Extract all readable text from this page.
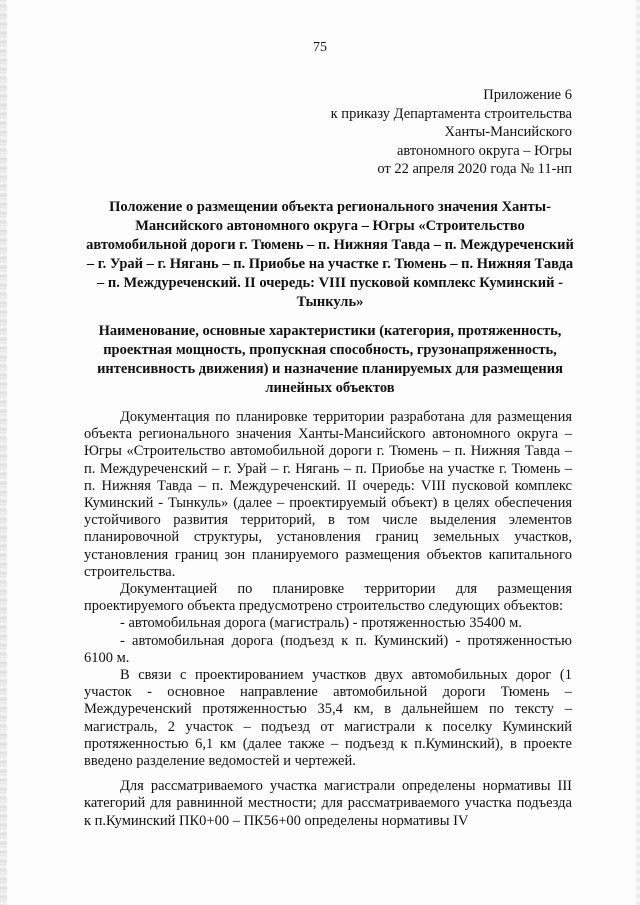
75
Приложение 6
к приказу Департамента строительства
Ханты-Мансийского
автономного округа – Югры
от 22 апреля 2020 года № 11-нп
Положение о размещении объекта регионального значения Ханты-Мансийского автономного округа – Югры «Строительство автомобильной дороги г. Тюмень – п. Нижняя Тавда – п. Междуреченский – г. Урай – г. Нягань – п. Приобье на участке г. Тюмень – п. Нижняя Тавда – п. Междуреченский. II очередь: VIII пусковой комплекс Куминский - Тынкуль»
Наименование, основные характеристики (категория, протяженность, проектная мощность, пропускная способность, грузонапряженность, интенсивность движения) и назначение планируемых для размещения линейных объектов

Документация по планировке территории разработана для размещения объекта регионального значения Ханты-Мансийского автономного округа – Югры «Строительство автомобильной дороги г. Тюмень – п. Нижняя Тавда – п. Междуреченский – г. Урай – г. Нягань – п. Приобье на участке г. Тюмень – п. Нижняя Тавда – п. Междуреченский. II очередь: VIII пусковой комплекс Куминский - Тынкуль» (далее – проектируемый объект) в целях обеспечения устойчивого развития территорий, в том числе выделения элементов планировочной структуры, установления границ земельных участков, установления границ зон планируемого размещения объектов капитального строительства.

Документацией по планировке территории для размещения проектируемого объекта предусмотрено строительство следующих объектов:

- автомобильная дорога (магистраль) - протяженностью 35400 м.

- автомобильная дорога (подъезд к п. Куминский) - протяженностью 6100 м.

В связи с проектированием участков двух автомобильных дорог (1 участок - основное направление автомобильной дороги Тюмень – Междуреченский протяженностью 35,4 км, в дальнейшем по тексту – магистраль, 2 участок – подъезд от магистрали к поселку Куминский протяженностью 6,1 км (далее также – подъезд к п.Куминский), в проекте введено разделение ведомостей и чертежей.

Для рассматриваемого участка магистрали определены нормативы III категорий для равнинной местности; для рассматриваемого участка подъезда к п.Куминский ПК0+00 – ПК56+00 определены нормативы IV
